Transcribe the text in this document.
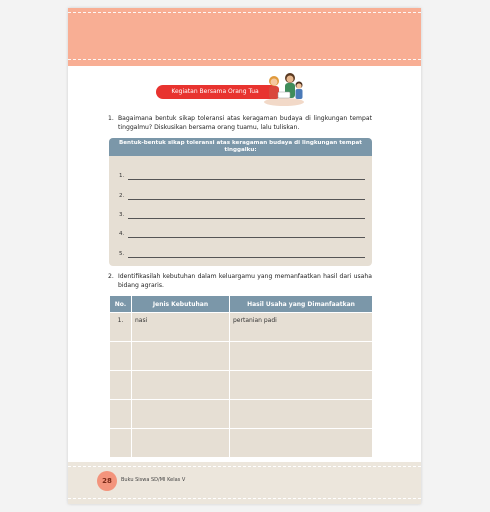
Kegiatan Bersama Orang Tua
1. Bagaimana bentuk sikap toleransi atas keragaman budaya di lingkungan tempat tinggalmu? Diskusikan bersama orang tuamu, lalu tuliskan.
Bentuk-bentuk sikap toleransi atas keragaman budaya di lingkungan tempat tinggalku:
1.
2.
3.
4.
5.
2. Identifikasilah kebutuhan dalam keluargamu yang memanfaatkan hasil dari usaha bidang agraris.
No.	Jenis Kebutuhan	Hasil Usaha yang Dimanfaatkan
1.	nasi	pertanian padi

28	Buku Siswa SD/MI Kelas V
